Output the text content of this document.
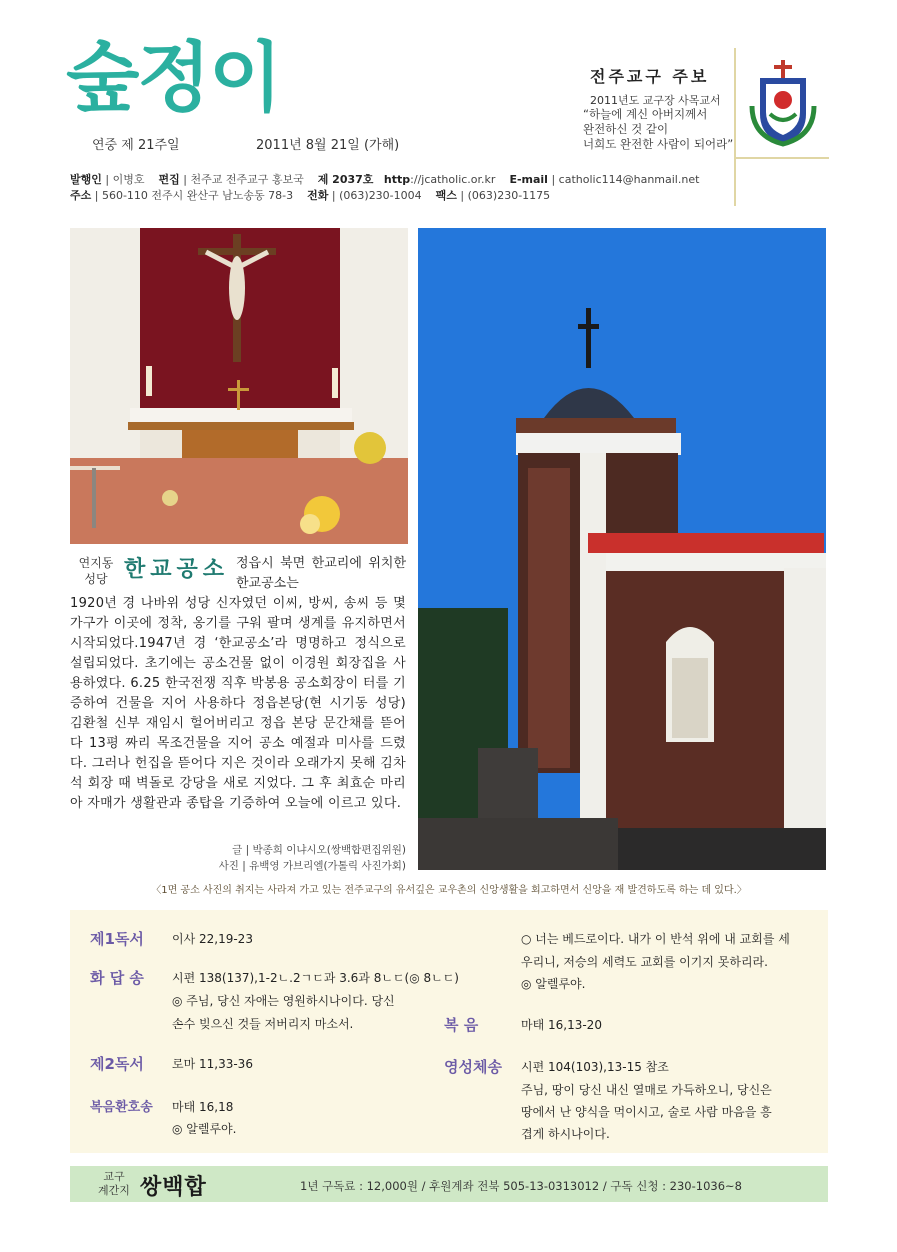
숲정이
연중 제 21주일	2011년 8월 21일 (가해)
전주교구 주보
2011년도 교구장 사목교서
“하늘에 계신 아버지께서
완전하신 것 같이
너희도 완전한 사람이 되어라”
발행인 | 이병호 편집 | 천주교 전주교구 홍보국 제 2037호 http://jcatholic.or.kr E-mail | catholic114@hanmail.net
주소 | 560-110 전주시 완산구 남노송동 78-3 전화 | (063)230-1004 팩스 | (063)230-1175
연지동
성당 한교공소 정읍시 북면 한교리에 위치한 한교공소는
1920년 경 나바위 성당 신자였던 이씨, 방씨, 송씨 등 몇 가구가 이곳에 정착, 옹기를 구워 팔며 생계를 유지하면서 시작되었다.1947년 경 ‘한교공소’라 명명하고 정식으로 설립되었다. 초기에는 공소건물 없이 이경원 회장집을 사용하였다. 6.25 한국전쟁 직후 박봉용 공소회장이 터를 기증하여 건물을 지어 사용하다 정읍본당(현 시기동 성당) 김환철 신부 재임시 헐어버리고 정읍 본당 문간채를 뜯어다 13평 짜리 목조건물을 지어 공소 예절과 미사를 드렸다. 그러나 헌집을 뜯어다 지은 것이라 오래가지 못해 김차석 회장 때 벽돌로 강당을 새로 지었다. 그 후 최효순 마리아 자매가 생활관과 종탑을 기증하여 오늘에 이르고 있다.
글 | 박종희 이냐시오(쌍백합편집위원)
사진 | 유백영 가브리엘(가톨릭 사진가회)
〈1면 공소 사진의 취지는 사라져 가고 있는 전주교구의 유서깊은 교우촌의 신앙생활을 회고하면서 신앙을 재 발견하도록 하는 데 있다.〉
제1독서 이사 22,19-23
화 답 송 시편 138(137),1-2ㄴ.2ㄱㄷ과 3.6과 8ㄴㄷ(◎ 8ㄴㄷ)
◎ 주님, 당신 자애는 영원하시나이다. 당신
손수 빚으신 것들 저버리지 마소서.
제2독서 로마 11,33-36
복음환호송 마태 16,18
◎ 알렐루야.
○ 너는 베드로이다. 내가 이 반석 위에 내 교회를 세
우리니, 저승의 세력도 교회를 이기지 못하리라.
◎ 알렐루야.
복 음	마태 16,13-20
영성체송 시편 104(103),13-15 참조
주님, 땅이 당신 내신 열매로 가득하오니, 당신은
땅에서 난 양식을 먹이시고, 술로 사람 마음을 흥
겹게 하시나이다.
교구
계간지 쌍백합	1년 구독료 : 12,000원 / 후원계좌 전북 505-13-0313012 / 구독 신청 : 230-1036~8
